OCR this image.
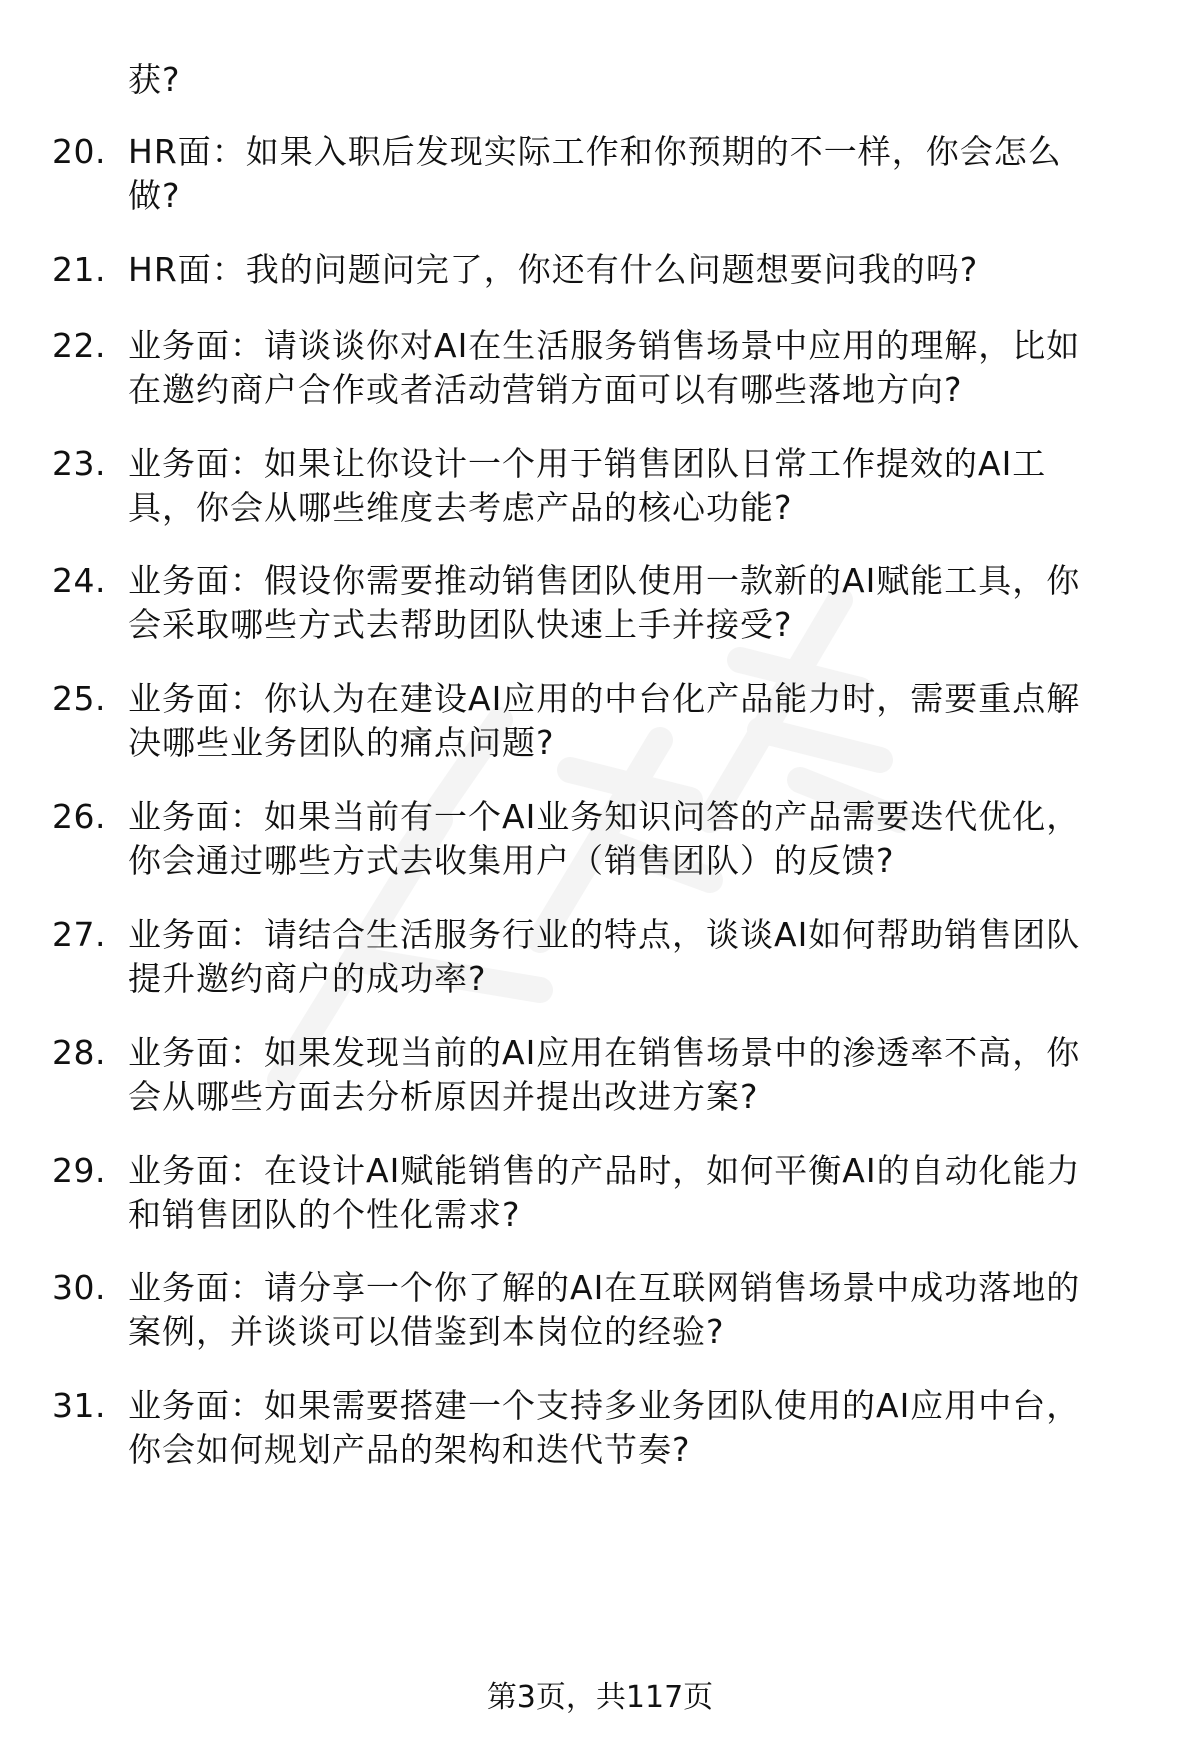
获?
20. HR面：如果入职后发现实际工作和你预期的不一样，你会怎么
做?
21. HR面：我的问题问完了，你还有什么问题想要问我的吗?
22. 业务面：请谈谈你对AI在生活服务销售场景中应用的理解，比如
在邀约商户合作或者活动营销方面可以有哪些落地方向?
23. 业务面：如果让你设计一个用于销售团队日常工作提效的AI工
具，你会从哪些维度去考虑产品的核心功能?
24. 业务面：假设你需要推动销售团队使用一款新的AI赋能工具，你
会采取哪些方式去帮助团队快速上手并接受?
25. 业务面：你认为在建设AI应用的中台化产品能力时，需要重点解
决哪些业务团队的痛点问题?
26. 业务面：如果当前有一个AI业务知识问答的产品需要迭代优化，
你会通过哪些方式去收集用户（销售团队）的反馈?
27. 业务面：请结合生活服务行业的特点，谈谈AI如何帮助销售团队
提升邀约商户的成功率?
28. 业务面：如果发现当前的AI应用在销售场景中的渗透率不高，你
会从哪些方面去分析原因并提出改进方案?
29. 业务面：在设计AI赋能销售的产品时，如何平衡AI的自动化能力
和销售团队的个性化需求?
30. 业务面：请分享一个你了解的AI在互联网销售场景中成功落地的
案例，并谈谈可以借鉴到本岗位的经验?
31. 业务面：如果需要搭建一个支持多业务团队使用的AI应用中台，
你会如何规划产品的架构和迭代节奏?
第3页，共117页
